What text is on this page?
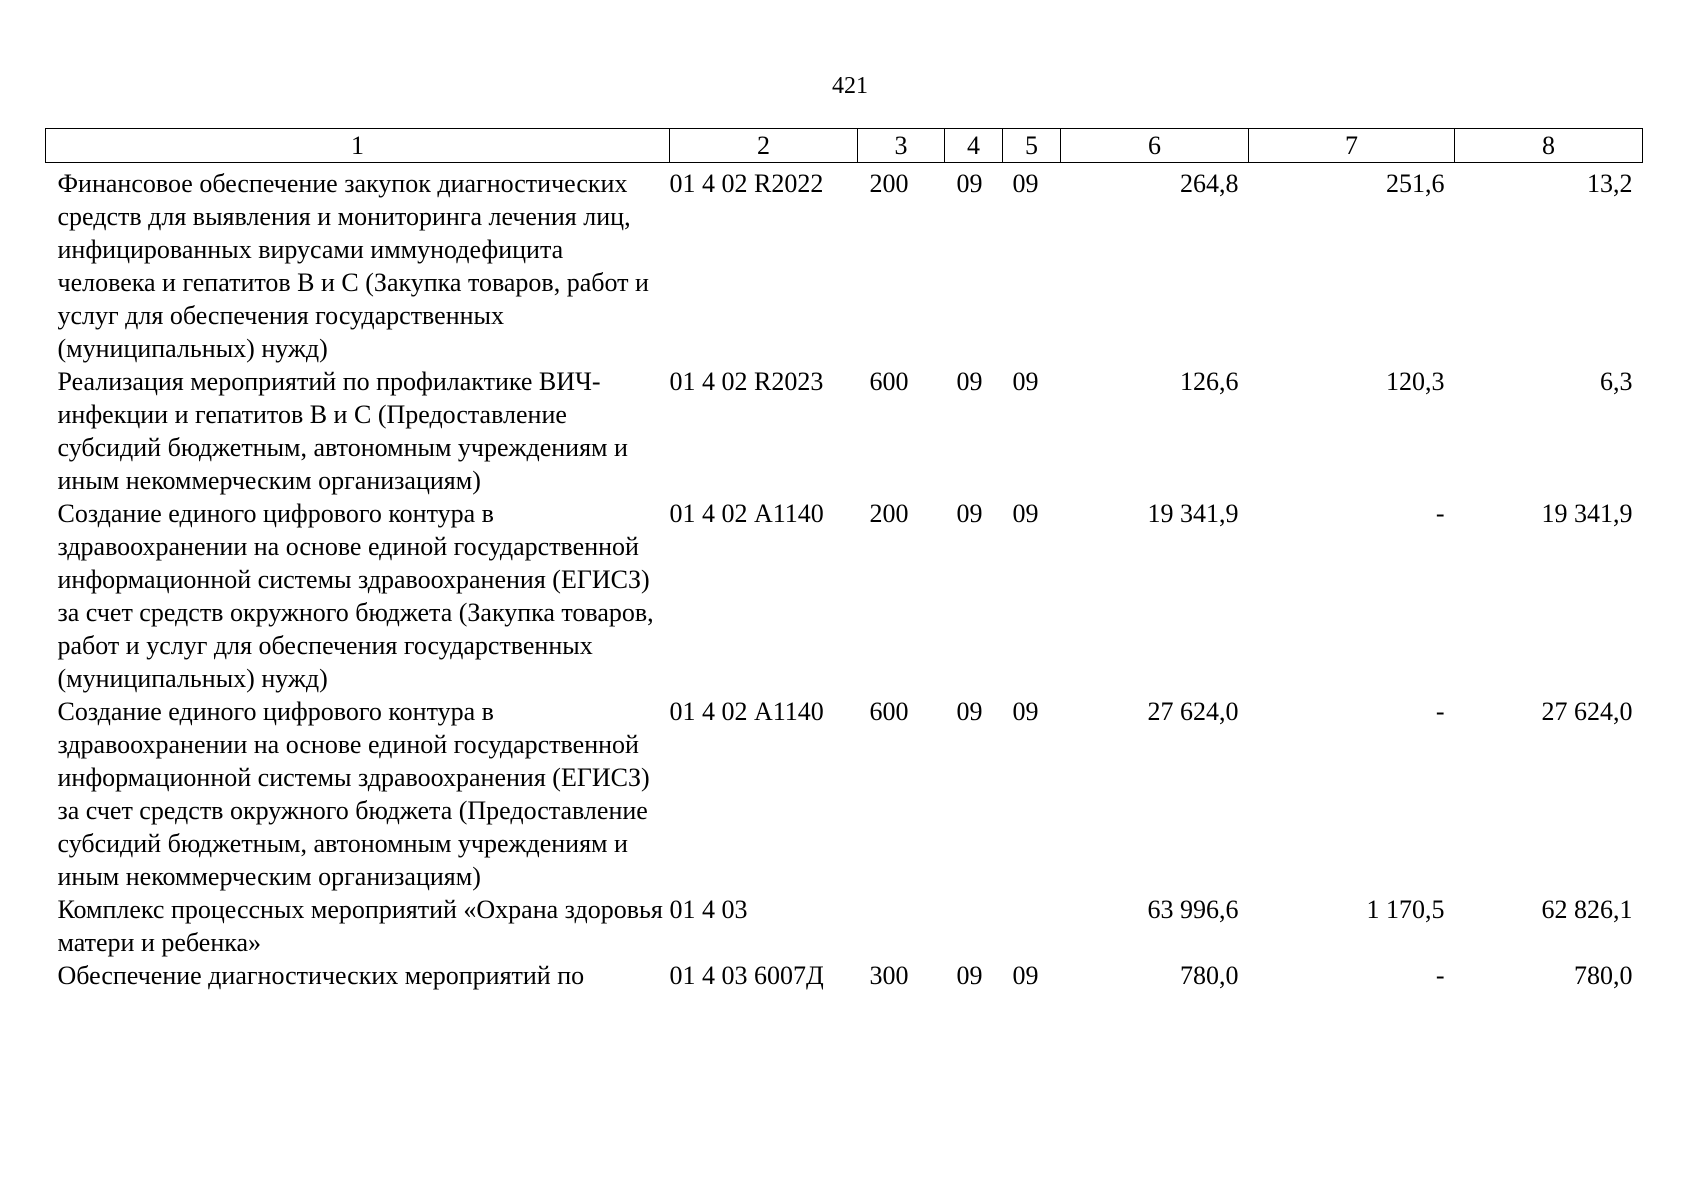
421
1	2	3	4	5	6	7	8
Финансовое обеспечение закупок диагностических средств для выявления и мониторинга лечения лиц, инфицированных вирусами иммунодефицита человека и гепатитов В и С (Закупка товаров, работ и услуг для обеспечения государственных (муниципальных) нужд)	01 4 02 R2022	200	09	09	264,8	251,6	13,2
Реализация мероприятий по профилактике ВИЧ-инфекции и гепатитов В и С (Предоставление субсидий бюджетным, автономным учреждениям и иным некоммерческим организациям)	01 4 02 R2023	600	09	09	126,6	120,3	6,3
Создание единого цифрового контура в здравоохранении на основе единой государственной информационной системы здравоохранения (ЕГИСЗ) за счет средств окружного бюджета (Закупка товаров, работ и услуг для обеспечения государственных (муниципальных) нужд)	01 4 02 А1140	200	09	09	19 341,9	-	19 341,9
Создание единого цифрового контура в здравоохранении на основе единой государственной информационной системы здравоохранения (ЕГИСЗ) за счет средств окружного бюджета (Предоставление субсидий бюджетным, автономным учреждениям и иным некоммерческим организациям)	01 4 02 А1140	600	09	09	27 624,0	-	27 624,0
Комплекс процессных мероприятий «Охрана здоровья матери и ребенка»	01 4 03				63 996,6	1 170,5	62 826,1
Обеспечение диагностических мероприятий по	01 4 03 6007Д	300	09	09	780,0	-	780,0
